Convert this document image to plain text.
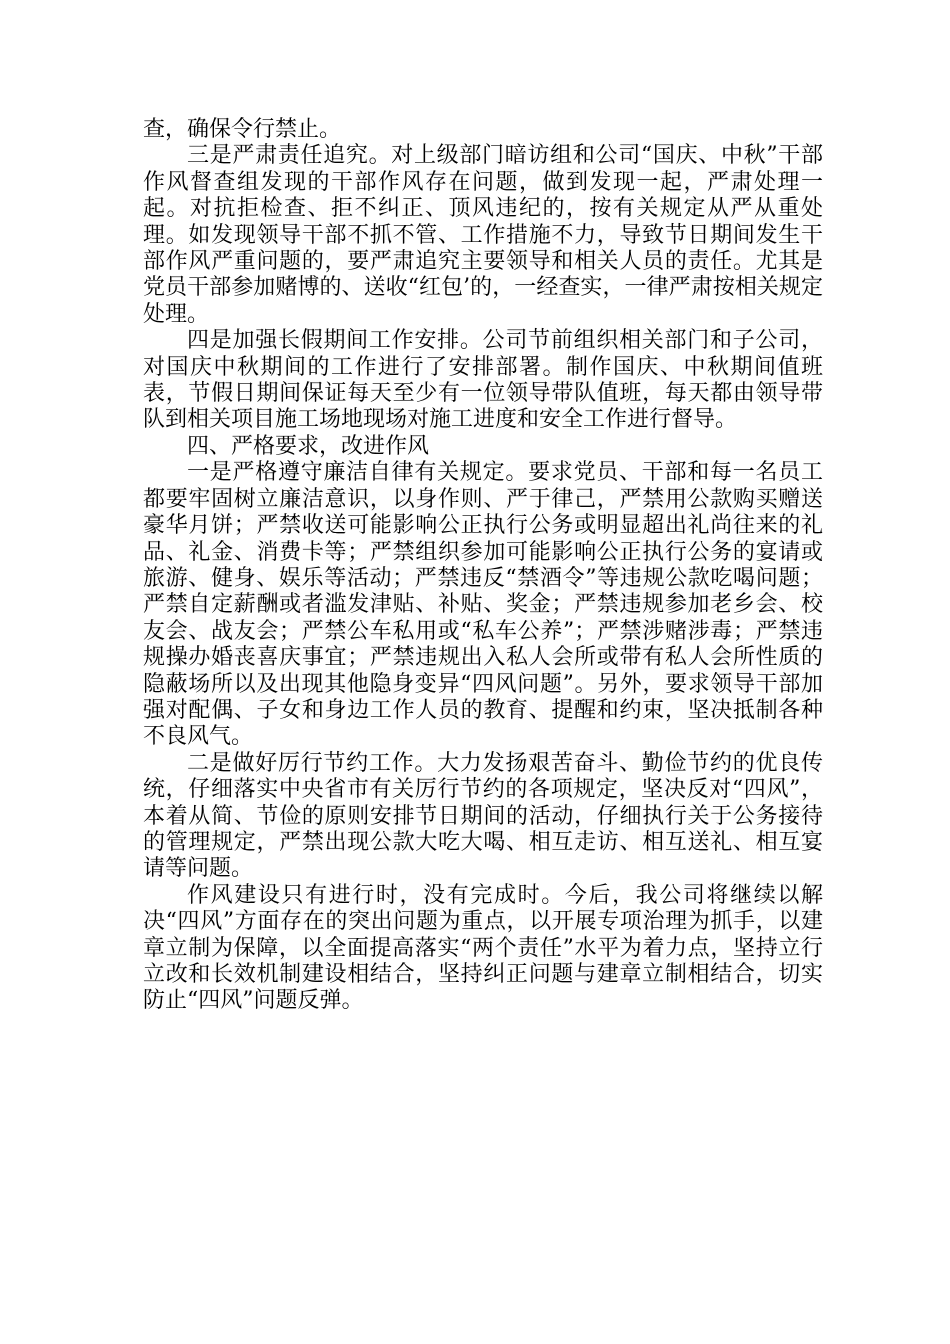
查，确保令行禁止。

三是严肃责任追究。对上级部门暗访组和公司“国庆、中秋”干部作风督查组发现的干部作风存在问题，做到发现一起，严肃处理一起。对抗拒检查、拒不纠正、顶风违纪的，按有关规定从严从重处理。如发现领导干部不抓不管、工作措施不力，导致节日期间发生干部作风严重问题的，要严肃追究主要领导和相关人员的责任。尤其是党员干部参加赌博的、送收“红包’的，一经查实，一律严肃按相关规定处理。

四是加强长假期间工作安排。公司节前组织相关部门和子公司，对国庆中秋期间的工作进行了安排部署。制作国庆、中秋期间值班表，节假日期间保证每天至少有一位领导带队值班，每天都由领导带队到相关项目施工场地现场对施工进度和安全工作进行督导。

四、严格要求，改进作风

一是严格遵守廉洁自律有关规定。要求党员、干部和每一名员工都要牢固树立廉洁意识，以身作则、严于律己，严禁用公款购买赠送豪华月饼；严禁收送可能影响公正执行公务或明显超出礼尚往来的礼品、礼金、消费卡等；严禁组织参加可能影响公正执行公务的宴请或旅游、健身、娱乐等活动；严禁违反“禁酒令”等违规公款吃喝问题；严禁自定薪酬或者滥发津贴、补贴、奖金；严禁违规参加老乡会、校友会、战友会；严禁公车私用或“私车公养”；严禁涉赌涉毒；严禁违规操办婚丧喜庆事宜；严禁违规出入私人会所或带有私人会所性质的隐蔽场所以及出现其他隐身变异“四风问题”。另外，要求领导干部加强对配偶、子女和身边工作人员的教育、提醒和约束，坚决抵制各种不良风气。

二是做好厉行节约工作。大力发扬艰苦奋斗、勤俭节约的优良传统，仔细落实中央省市有关厉行节约的各项规定，坚决反对“四风”，本着从简、节俭的原则安排节日期间的活动，仔细执行关于公务接待的管理规定，严禁出现公款大吃大喝、相互走访、相互送礼、相互宴请等问题。

作风建设只有进行时，没有完成时。今后，我公司将继续以解决“四风”方面存在的突出问题为重点，以开展专项治理为抓手，以建章立制为保障，以全面提高落实“两个责任”水平为着力点，坚持立行立改和长效机制建设相结合，坚持纠正问题与建章立制相结合，切实防止“四风”问题反弹。
